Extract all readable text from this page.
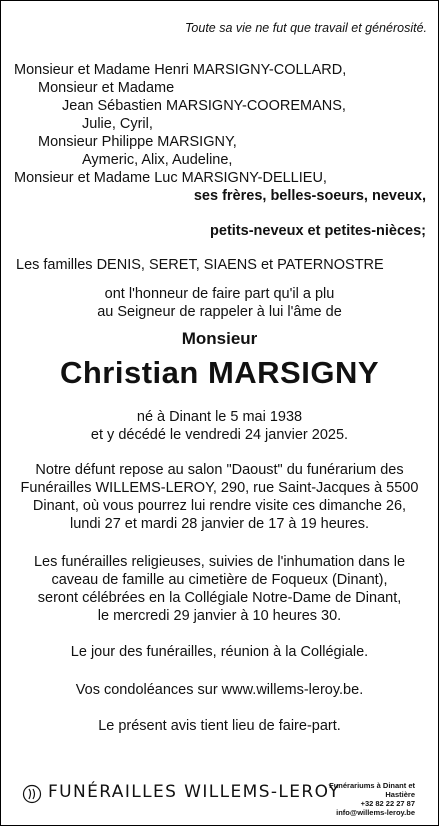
Toute sa vie ne fut que travail et générosité.
Monsieur et Madame Henri MARSIGNY-COLLARD,
Monsieur et Madame
Jean Sébastien MARSIGNY-COOREMANS,
Julie, Cyril,
Monsieur Philippe MARSIGNY,
Aymeric, Alix, Audeline,
Monsieur et Madame Luc MARSIGNY-DELLIEU,
ses frères, belles-soeurs, neveux,
petits-neveux et petites-nièces;
Les familles DENIS, SERET, SIAENS et PATERNOSTRE
ont l'honneur de faire part qu'il a plu
au Seigneur de rappeler à lui l'âme de
Monsieur
Christian MARSIGNY
né à Dinant le 5 mai 1938
et y décédé le vendredi 24 janvier 2025.
Notre défunt repose au salon "Daoust" du funérarium des
Funérailles WILLEMS-LEROY, 290, rue Saint-Jacques à 5500
Dinant, où vous pourrez lui rendre visite ces dimanche 26,
lundi 27 et mardi 28 janvier de 17 à 19 heures.
Les funérailles religieuses, suivies de l'inhumation dans le
caveau de famille au cimetière de Foqueux (Dinant),
seront célébrées en la Collégiale Notre-Dame de Dinant,
le mercredi 29 janvier à 10 heures 30.
Le jour des funérailles, réunion à la Collégiale.
Vos condoléances sur www.willems-leroy.be.
Le présent avis tient lieu de faire-part.
FUNÉRAILLES WILLEMS-LEROY
Funérariums à Dinant et Hastière
+32 82 22 27 87
info@willems-leroy.be
